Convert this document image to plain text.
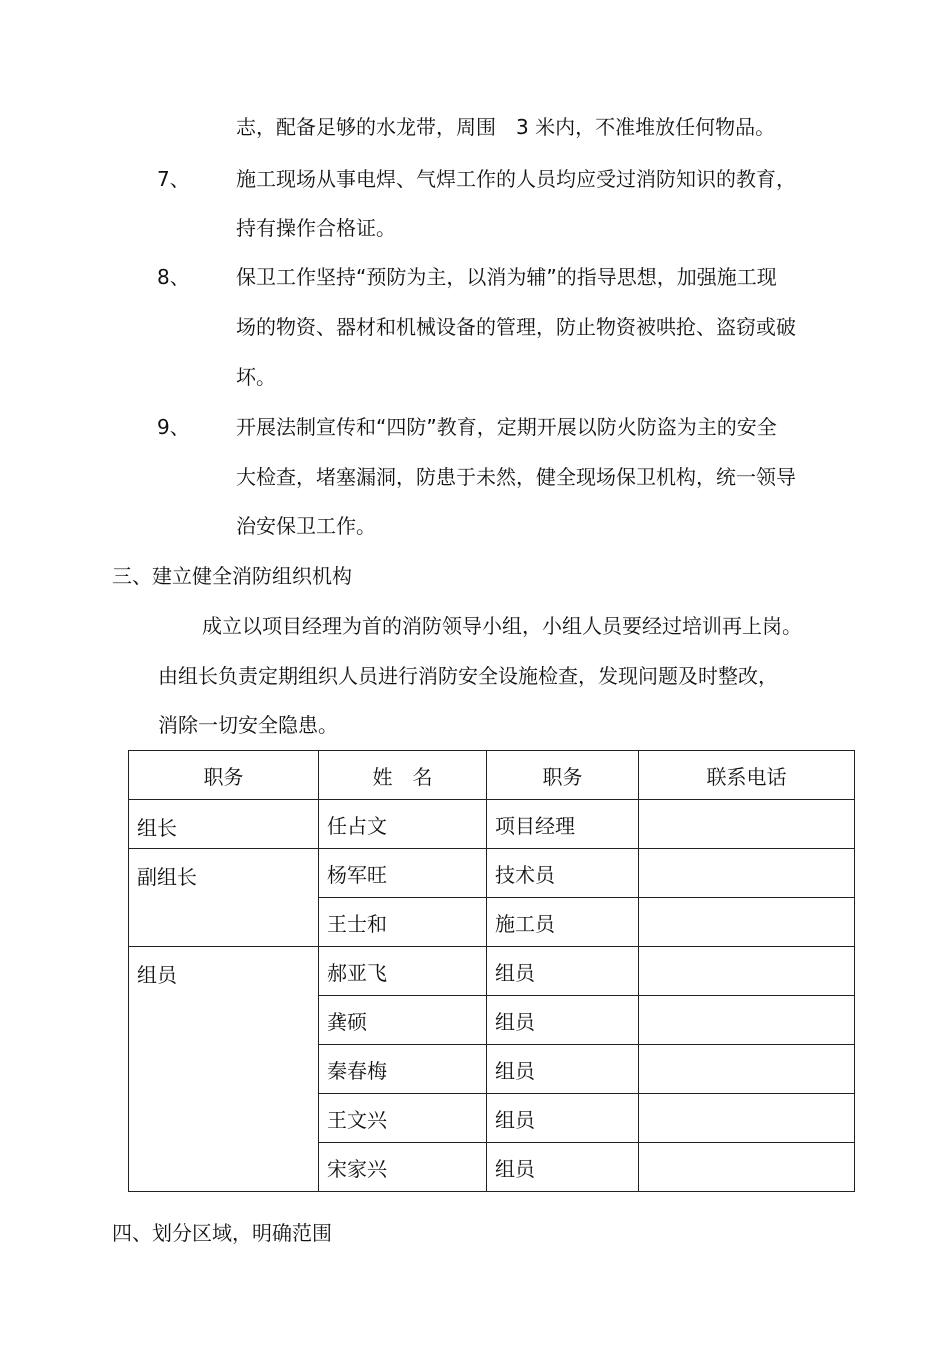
志，配备足够的水龙带，周围　3 米内，不准堆放任何物品。
7、 施工现场从事电焊、气焊工作的人员均应受过消防知识的教育，
持有操作合格证。
8、 保卫工作坚持“预防为主，以消为辅”的指导思想，加强施工现
场的物资、器材和机械设备的管理，防止物资被哄抢、盗窃或破
坏。
9、 开展法制宣传和“四防”教育，定期开展以防火防盗为主的安全
大检查，堵塞漏洞，防患于未然，健全现场保卫机构，统一领导
治安保卫工作。
三、建立健全消防组织机构
成立以项目经理为首的消防领导小组，小组人员要经过培训再上岗。
由组长负责定期组织人员进行消防安全设施检查，发现问题及时整改，
消除一切安全隐患。
职务	姓　名	职务	联系电话
组长	任占文	项目经理	
副组长	杨军旺	技术员	
	王士和	施工员	
组员	郝亚飞	组员	
	龚硕	组员	
	秦春梅	组员	
	王文兴	组员	
	宋家兴	组员	
四、划分区域，明确范围
